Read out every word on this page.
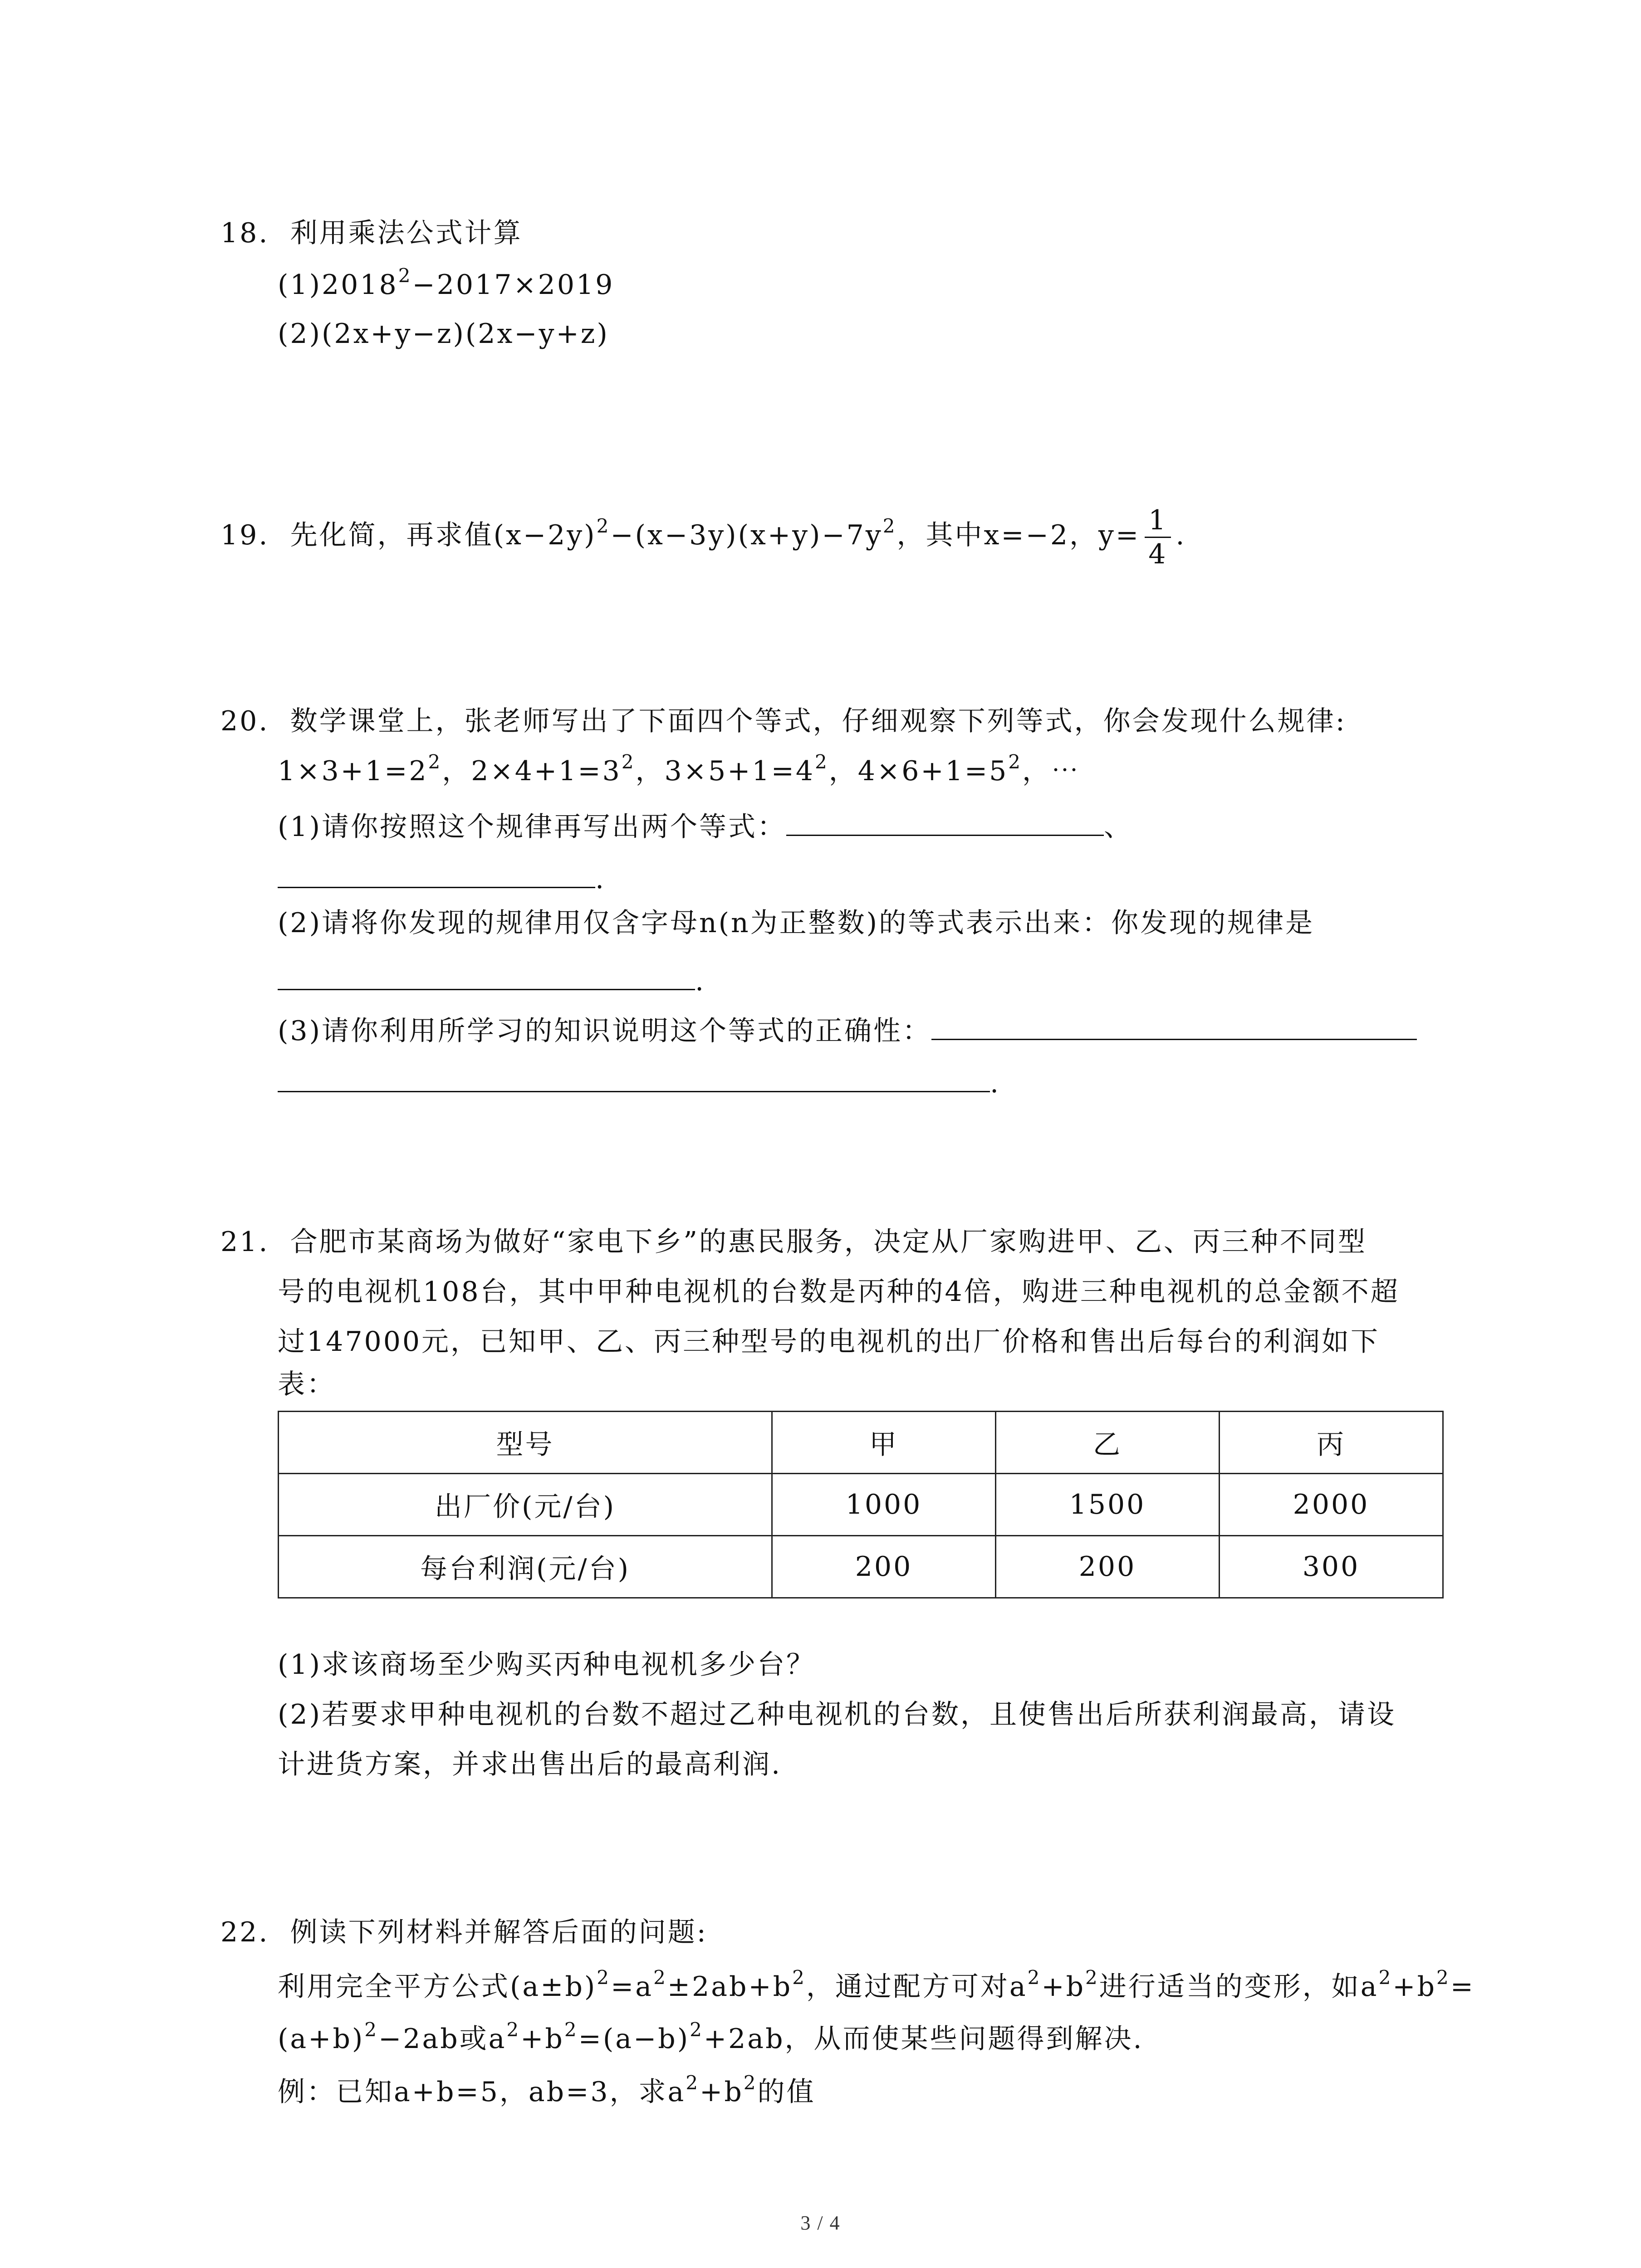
18. 利用乘法公式计算
$(1)2018^2-2017\times 2019$
(2)(2x+y−z)(2x−y+z)
19. 先化简，再求值$(x-2y)^2-(x-3y)(x+y)-7y^2$，其中x=−2，$y= \frac{1}{4}$ .
20. 数学课堂上，张老师写出了下面四个等式，仔细观察下列等式，你会发现什么规律:
$1\times 3+1=2^2$，$2\times 4+1=3^2$，$3\times 5+1=4^2$，$4\times 6+1=5^2$，⋯
(1)请你按照这个规律再写出两个等式：	、
.
(2)请将你发现的规律用仅含字母n(n为正整数)的等式表示出来：你发现的规律是
.
(3)请你利用所学习的知识说明这个等式的正确性：
.
21. 合肥市某商场为做好“家电下乡”的惠民服务，决定从厂家购进甲、乙、丙三种不同型
号的电视机108台，其中甲种电视机的台数是丙种的4倍，购进三种电视机的总金额不超
过147000元，已知甲、乙、丙三种型号的电视机的出厂价格和售出后每台的利润如下
表：
型号	甲	乙	丙
出厂价(元/台)	1000	1500	2000
每台利润(元/台)	200	200	300
(1)求该商场至少购买丙种电视机多少台？
(2)若要求甲种电视机的台数不超过乙种电视机的台数，且使售出后所获利润最高，请设
计进货方案，并求出售出后的最高利润.
22. 例读下列材料并解答后面的问题:
利用完全平方公式$(a\pm b)^2=a^2\pm 2ab+b^2$，通过配方可对$a^2+b^2$进行适当的变形，如$a^2+b^2=$
$(a+b)^2-2ab$或$a^2+b^2=(a-b)^2+2ab$，从而使某些问题得到解决.
例：已知a+b=5，ab=3，求$a^2+b^2$的值
3 / 4
